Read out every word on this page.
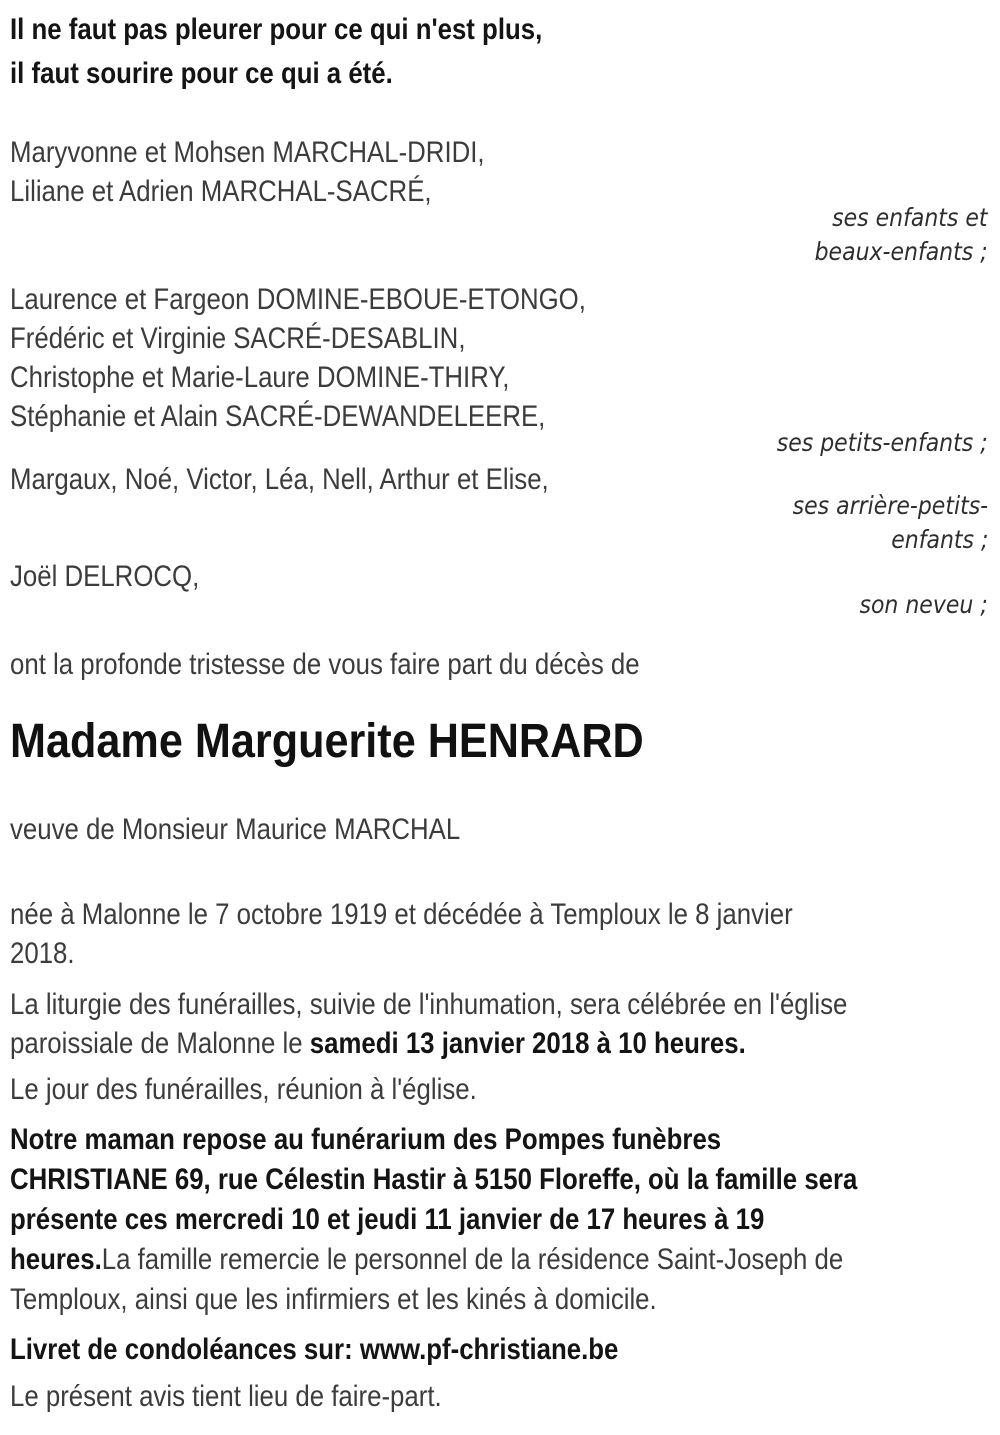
Il ne faut pas pleurer pour ce qui n'est plus,
il faut sourire pour ce qui a été.
Maryvonne et Mohsen MARCHAL-DRIDI,
Liliane et Adrien MARCHAL-SACRÉ,
ses enfants et
beaux-enfants ;
Laurence et Fargeon DOMINE-EBOUE-ETONGO,
Frédéric et Virginie SACRÉ-DESABLIN,
Christophe et Marie-Laure DOMINE-THIRY,
Stéphanie et Alain SACRÉ-DEWANDELEERE,
ses petits-enfants ;
Margaux, Noé, Victor, Léa, Nell, Arthur et Elise,
ses arrière-petits-
enfants ;
Joël DELROCQ,
son neveu ;
ont la profonde tristesse de vous faire part du décès de
Madame Marguerite HENRARD
veuve de Monsieur Maurice MARCHAL
née à Malonne le 7 octobre 1919 et décédée à Temploux le 8 janvier
2018.
La liturgie des funérailles, suivie de l'inhumation, sera célébrée en l'église
paroissiale de Malonne le samedi 13 janvier 2018 à 10 heures.
Le jour des funérailles, réunion à l'église.
Notre maman repose au funérarium des Pompes funèbres
CHRISTIANE 69, rue Célestin Hastir à 5150 Floreffe, où la famille sera
présente ces mercredi 10 et jeudi 11 janvier de 17 heures à 19
heures.La famille remercie le personnel de la résidence Saint-Joseph de
Temploux, ainsi que les infirmiers et les kinés à domicile.
Livret de condoléances sur: www.pf-christiane.be
Le présent avis tient lieu de faire-part.
